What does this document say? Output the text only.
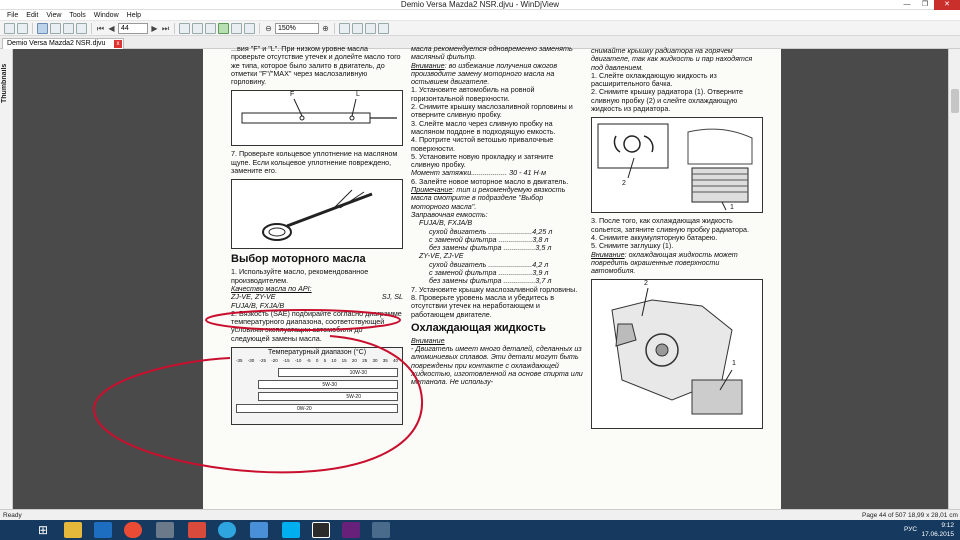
Demio Versa Mazda2 NSR.djvu - WinDjView	—	❐	✕
File	Edit	View	Tools	Window	Help
⏮ ◀ 44	▶ ⏭	⊖ 150%	⊕
Demio Versa Mazda2 NSR.djvu	x
Thumbnails

...вия "F" и "L". При низком уровне масла проверьте отсутствие утечек и долейте масло того же типа, которое было залито в двигатель, до отметки "F"/"MAX" через маслозаливную горловину.

F	L

7. Проверьте кольцевое уплотнение на масляном щупе. Если кольцевое уплотнение повреждено, замените его.

Выбор моторного масла

1. Используйте масло, рекомендованное производителем.

Качество масла по API:

ZJ-VE, ZY-VE	SJ, SL
FUJA/B, FXJA/B

2. Вязкость (SAE) подбирайте согласно диаграмме температурного диапазона, соответствующей условиям эксплуатации автомобиля до следующей замены масла.

Температурный диапазон (°C)
-35 -30 -25 -20 -15 -10 -5 0 5 10 15 20 25 30 35 40
10W-30
5W-30
5W-20
0W-20

масла рекомендуется одновременно заменять масляный фильтр.

Внимание: во избежание получения ожогов производите замену моторного масла на остывшем двигателе.

1. Установите автомобиль на ровной горизонтальной поверхности.
2. Снимите крышку маслозаливной горловины и отверните сливную пробку.
3. Слейте масло через сливную пробку на масляном поддоне в подходящую емкость.
4. Протрите чистой ветошью привалочные поверхности.
5. Установите новую прокладку и затяните сливную пробку.

Момент затяжки.................. 30 - 41 Н·м

6. Залейте новое моторное масло в двигатель.

Примечание: тип и рекомендуемую вязкость масла смотрите в подразделе "Выбор моторного масла".

Заправочная емкость:

FUJA/B, FXJA/B

сухой двигатель ......................4,25 л

с заменой фильтра .................3,8 л

без замены фильтра ................3,5 л

ZY-VE, ZJ-VE

сухой двигатель ......................4,2 л

с заменой фильтра .................3,9 л

без замены фильтра ................3,7 л

7. Установите крышку маслозаливной горловины.

8. Проверьте уровень масла и убедитесь в отсутствии утечек на неработающем и работающем двигателе.

Охлаждающая жидкость

Внимание

- Двигатель имеет много деталей, сделанных из алюминиевых сплавов. Эти детали могут быть повреждены при контакте с охлаждающей жидкостью, изготовленной на основе спирта или метанола. Не использу-

снимайте крышку радиатора на горячем двигателе, так как жидкость и пар находятся под давлением.

1. Слейте охлаждающую жидкость из расширительного бачка.
2. Снимите крышку радиатора (1). Отверните сливную пробку (2) и слейте охлаждающую жидкость из радиатора.

2
1

3. После того, как охлаждающая жидкость сольется, затяните сливную пробку радиатора.
4. Снимите аккумуляторную батарею.
5. Снимите заглушку (1).

Внимание: охлаждающая жидкость может повредить окрашенные поверхности автомобиля.

2
1
Ready	Page 44 of 507 18,99 x 28,01 cm
⊞	РУС
9:12
17.06.2015
